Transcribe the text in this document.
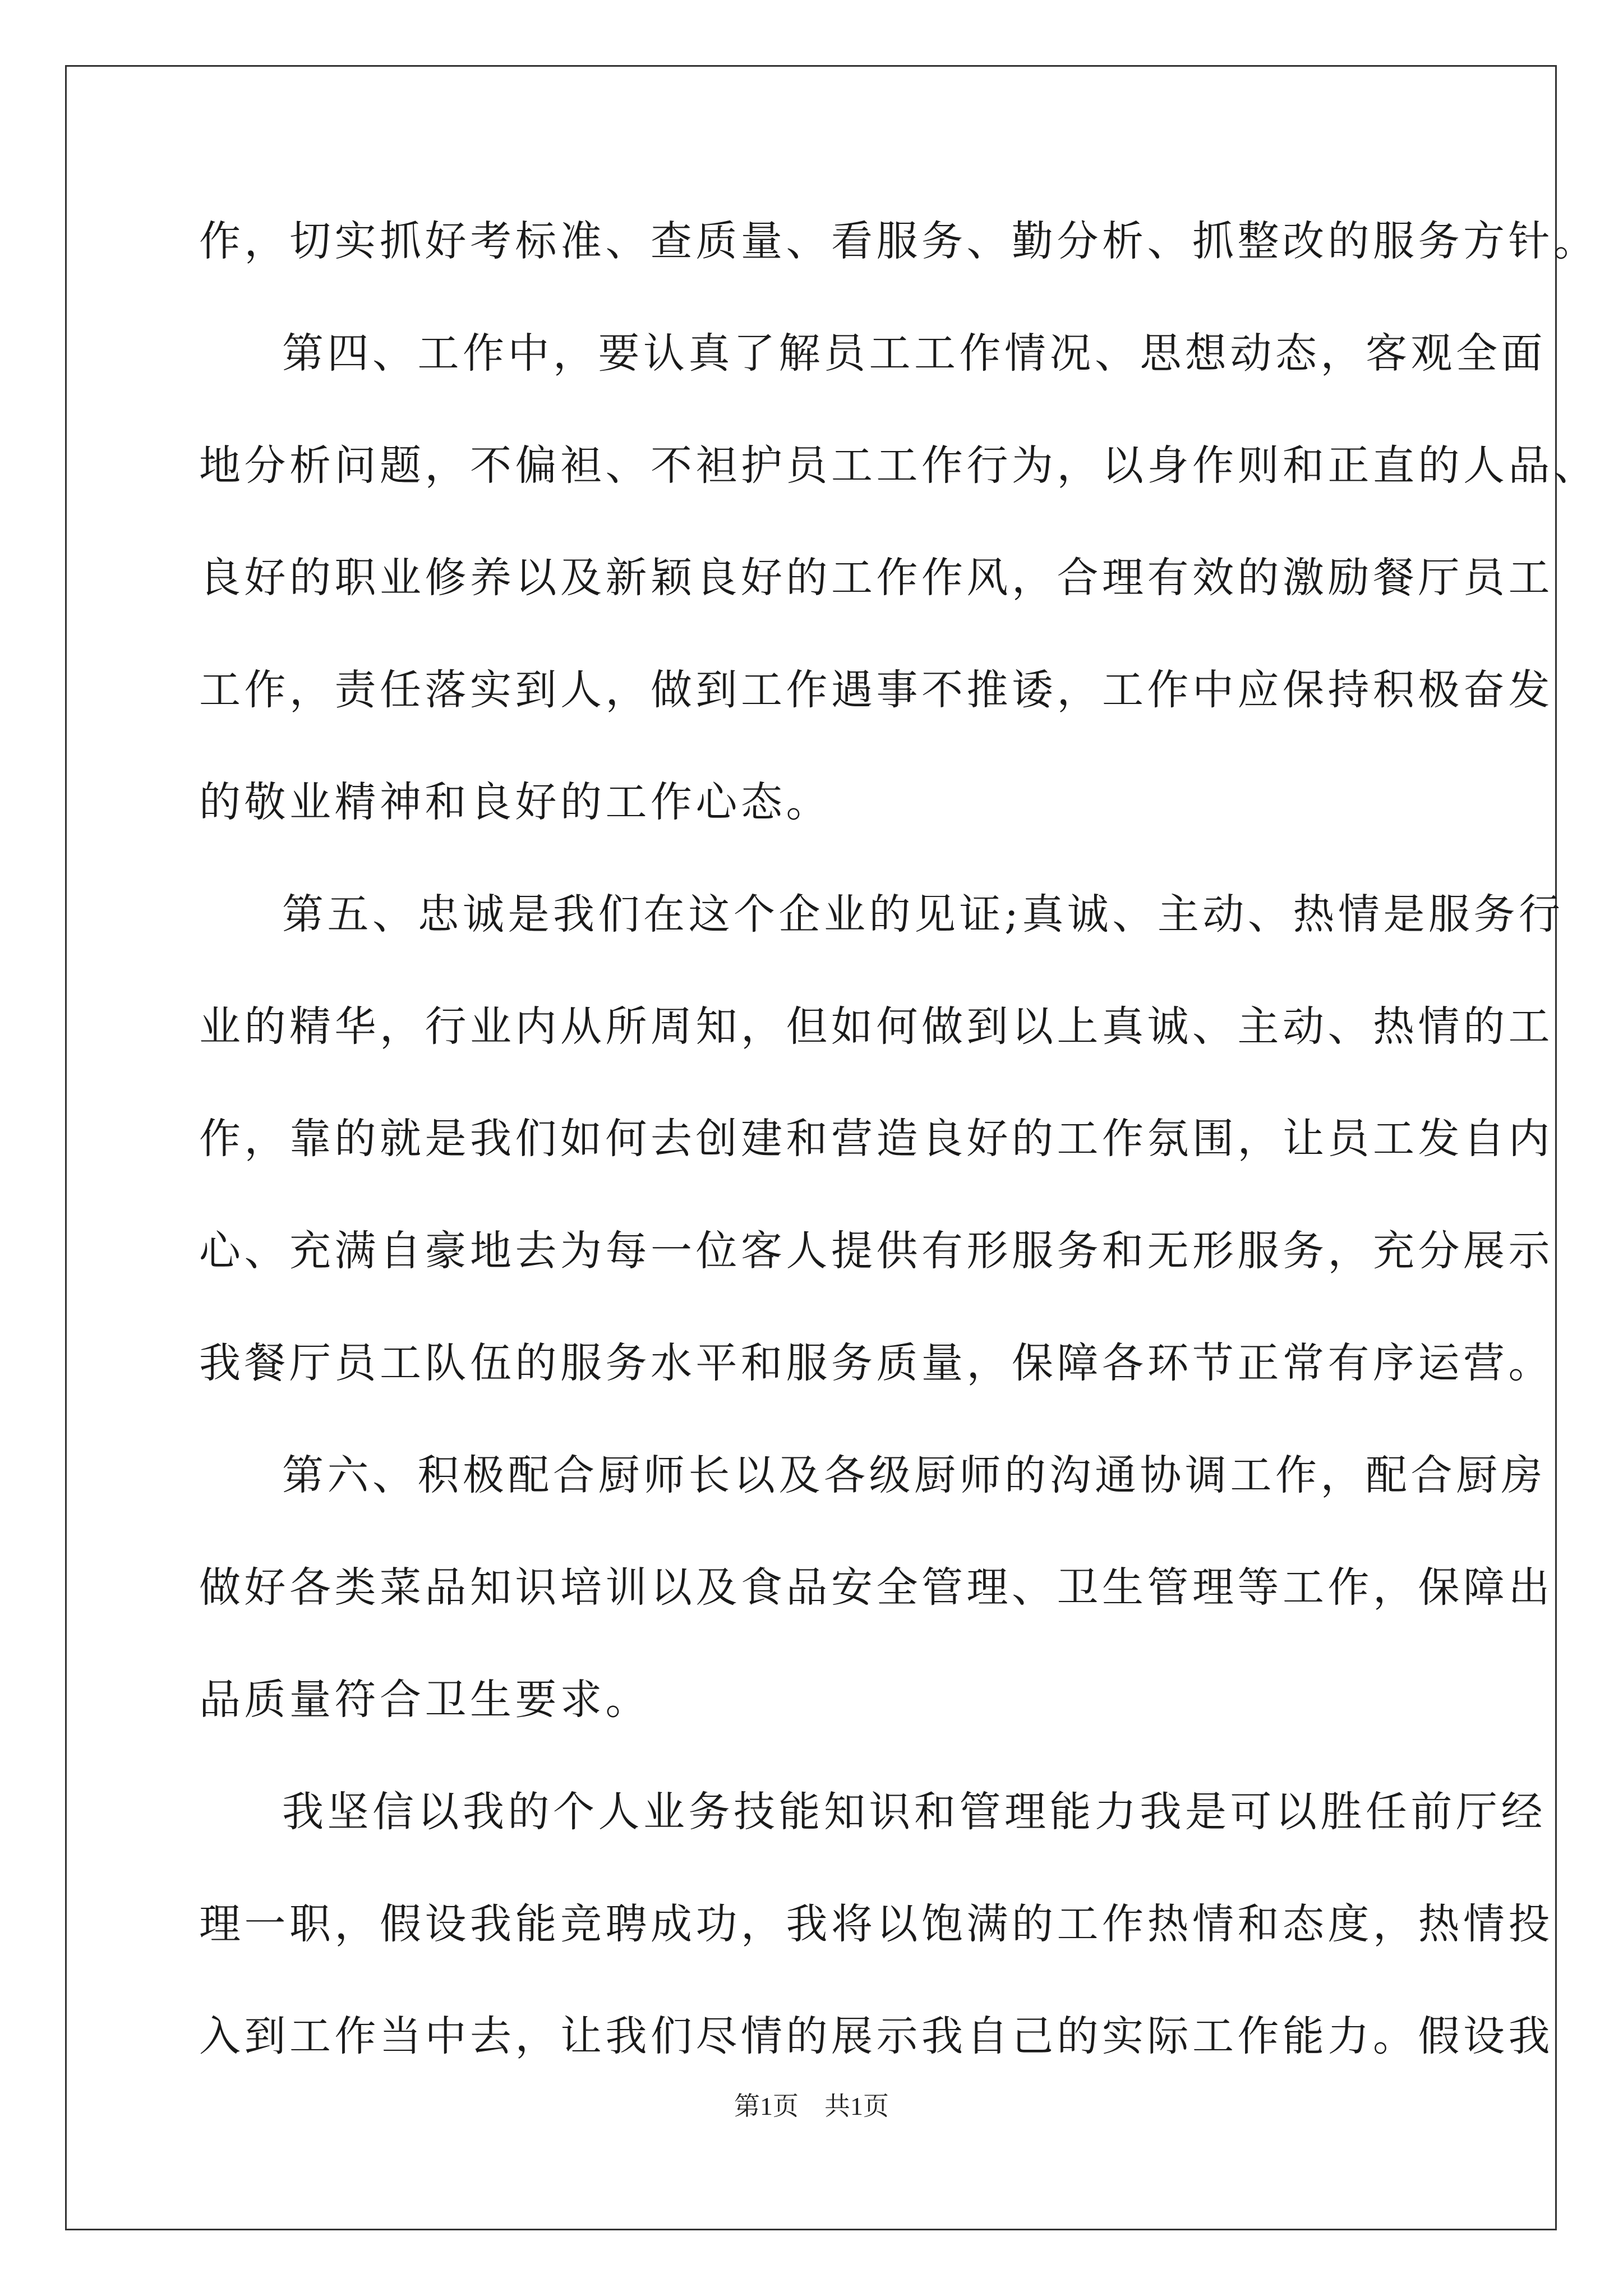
作，切实抓好考标准、查质量、看服务、勤分析、抓整改的服务方针。
第四、工作中，要认真了解员工工作情况、思想动态，客观全面
地分析问题，不偏袒、不袒护员工工作行为，以身作则和正直的人品、
良好的职业修养以及新颖良好的工作作风，合理有效的激励餐厅员工
工作，责任落实到人，做到工作遇事不推诿，工作中应保持积极奋发
的敬业精神和良好的工作心态。
第五、忠诚是我们在这个企业的见证;真诚、主动、热情是服务行
业的精华，行业内从所周知，但如何做到以上真诚、主动、热情的工
作，靠的就是我们如何去创建和营造良好的工作氛围，让员工发自内
心、充满自豪地去为每一位客人提供有形服务和无形服务，充分展示
我餐厅员工队伍的服务水平和服务质量，保障各环节正常有序运营。
第六、积极配合厨师长以及各级厨师的沟通协调工作，配合厨房
做好各类菜品知识培训以及食品安全管理、卫生管理等工作，保障出
品质量符合卫生要求。
我坚信以我的个人业务技能知识和管理能力我是可以胜任前厅经
理一职，假设我能竞聘成功，我将以饱满的工作热情和态度，热情投
入到工作当中去，让我们尽情的展示我自己的实际工作能力。假设我
第1页 共1页
